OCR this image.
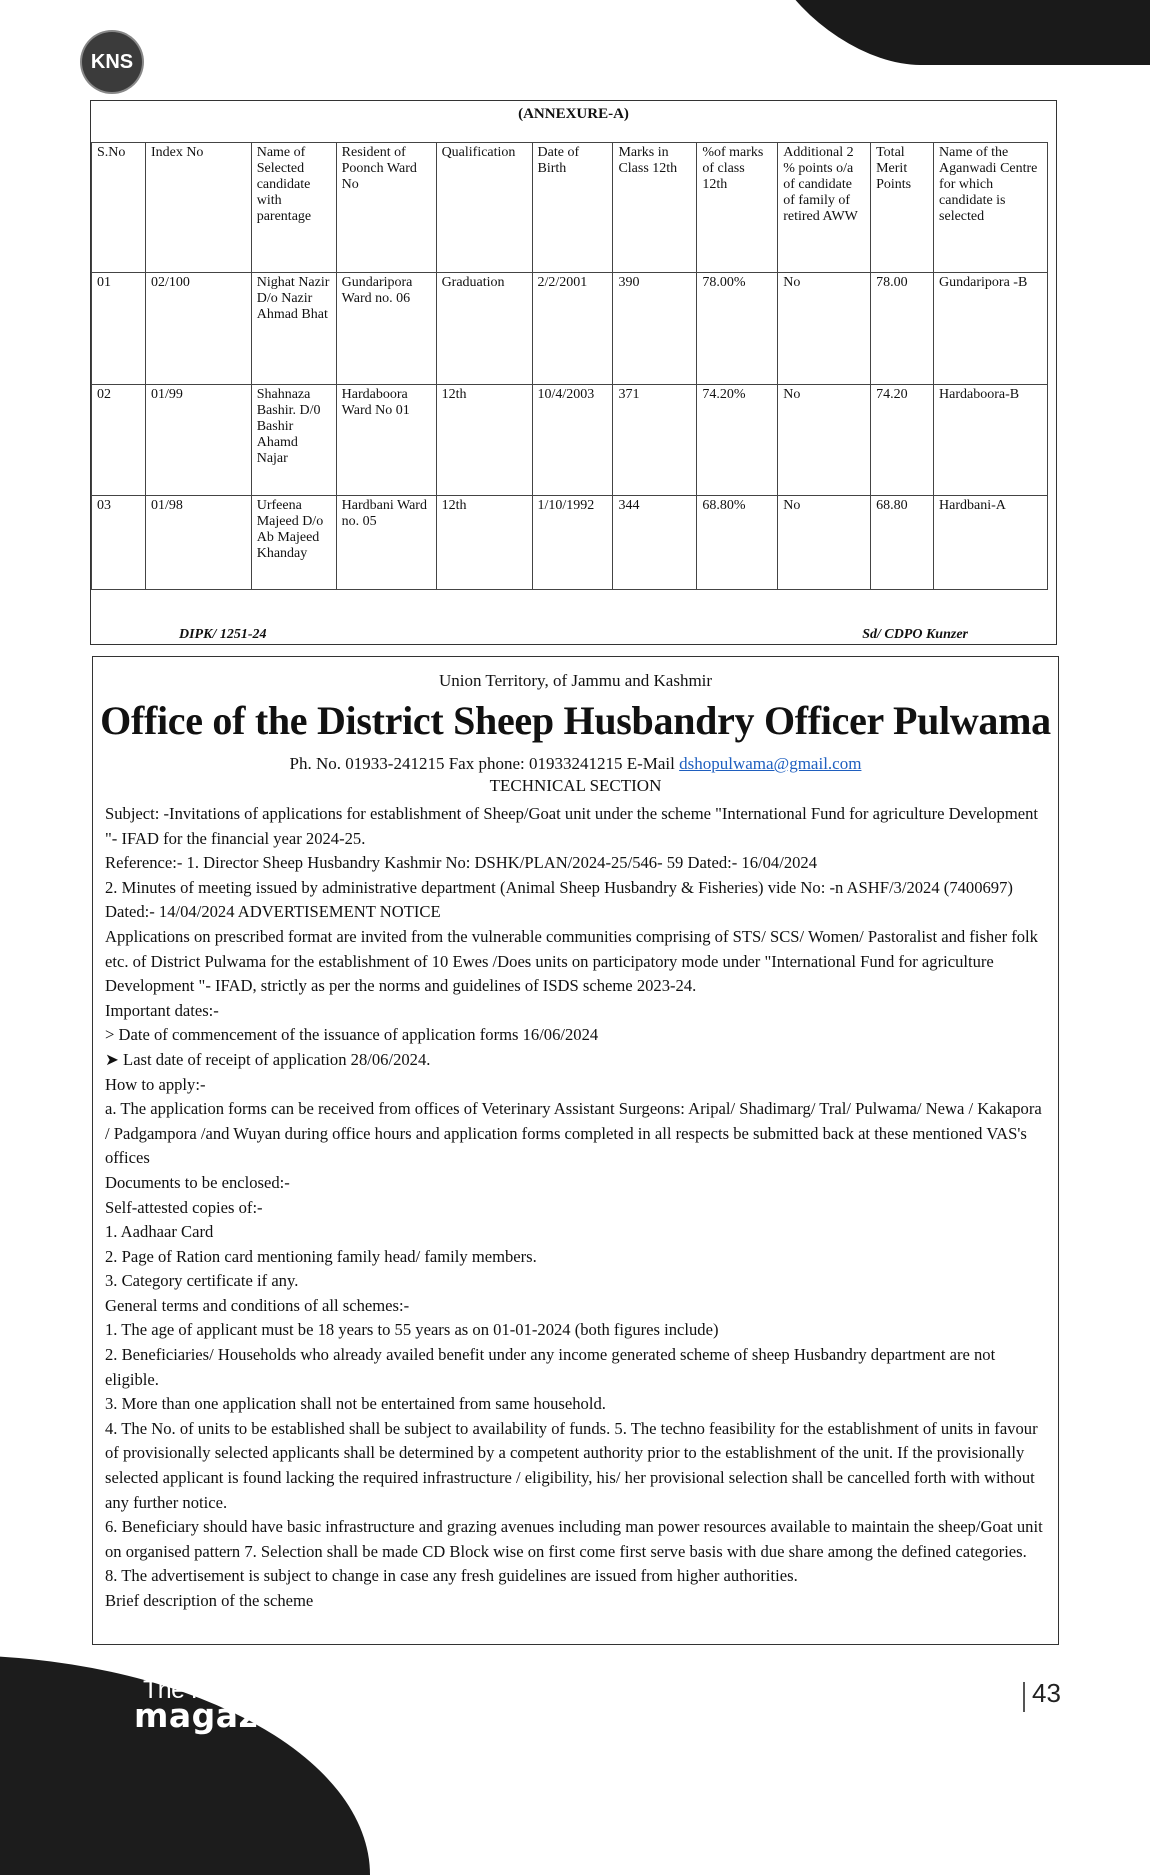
KNS
(ANNEXURE-A)
S.No	Index No	Name of Selected candidate with parentage	Resident of Poonch Ward No	Qualification	Date of Birth	Marks in Class 12th	%of marks of class 12th	Additional 2 % points o/a of candidate of family of retired AWW	Total Merit Points	Name of the Aganwadi Centre for which candidate is selected
01	02/100	Nighat Nazir D/o Nazir Ahmad Bhat	Gundaripora Ward no. 06	Graduation	2/2/2001	390	78.00%	No	78.00	Gundaripora -B
02	01/99	Shahnaza Bashir. D/0 Bashir Ahamd Najar	Hardaboora Ward No 01	12th	10/4/2003	371	74.20%	No	74.20	Hardaboora-B
03	01/98	Urfeena Majeed D/o Ab Majeed Khanday	Hardbani Ward no. 05	12th	1/10/1992	344	68.80%	No	68.80	Hardbani-A
DIPK/ 1251-24	Sd/ CDPO Kunzer
Union Territory, of Jammu and Kashmir
Office of the District Sheep Husbandry Officer Pulwama
Ph. No. 01933-241215 Fax phone: 01933241215 E-Mail dshopulwama@gmail.com
TECHNICAL SECTION

Subject: -Invitations of applications for establishment of Sheep/Goat unit under the scheme "International Fund for agriculture Development "- IFAD for the financial year 2024-25.

Reference:- 1. Director Sheep Husbandry Kashmir No: DSHK/PLAN/2024-25/546- 59 Dated:- 16/04/2024

2. Minutes of meeting issued by administrative department (Animal Sheep Husbandry & Fisheries) vide No: -n ASHF/3/2024 (7400697) Dated:- 14/04/2024 ADVERTISEMENT NOTICE

Applications on prescribed format are invited from the vulnerable communities comprising of STS/ SCS/ Women/ Pastoralist and fisher folk etc. of District Pulwama for the establishment of 10 Ewes /Does units on participatory mode under "International Fund for agriculture Development "- IFAD, strictly as per the norms and guidelines of ISDS scheme 2023-24.

Important dates:-

> Date of commencement of the issuance of application forms 16/06/2024

➤ Last date of receipt of application 28/06/2024.

How to apply:-

a. The application forms can be received from offices of Veterinary Assistant Surgeons: Aripal/ Shadimarg/ Tral/ Pulwama/ Newa / Kakapora / Padgampora /and Wuyan during office hours and application forms completed in all respects be submitted back at these mentioned VAS's offices

Documents to be enclosed:-

Self-attested copies of:-

1. Aadhaar Card

2. Page of Ration card mentioning family head/ family members.

3. Category certificate if any.

General terms and conditions of all schemes:-

1. The age of applicant must be 18 years to 55 years as on 01-01-2024 (both figures include)

2. Beneficiaries/ Households who already availed benefit under any income generated scheme of sheep Husbandry department are not eligible.

3. More than one application shall not be entertained from same household.

4. The No. of units to be established shall be subject to availability of funds. 5. The techno feasibility for the establishment of units in favour of provisionally selected applicants shall be determined by a competent authority prior to the establishment of the unit. If the provisionally selected applicant is found lacking the required infrastructure / eligibility, his/ her provisional selection shall be cancelled forth with without any further notice.

6. Beneficiary should have basic infrastructure and grazing avenues including man power resources available to maintain the sheep/Goat unit on organised pattern 7. Selection shall be made CD Block wise on first come first serve basis with due share among the defined categories.

8. The advertisement is subject to change in case any fresh guidelines are issued from higher authorities.

Brief description of the scheme

The Kashmir
magazine
43
